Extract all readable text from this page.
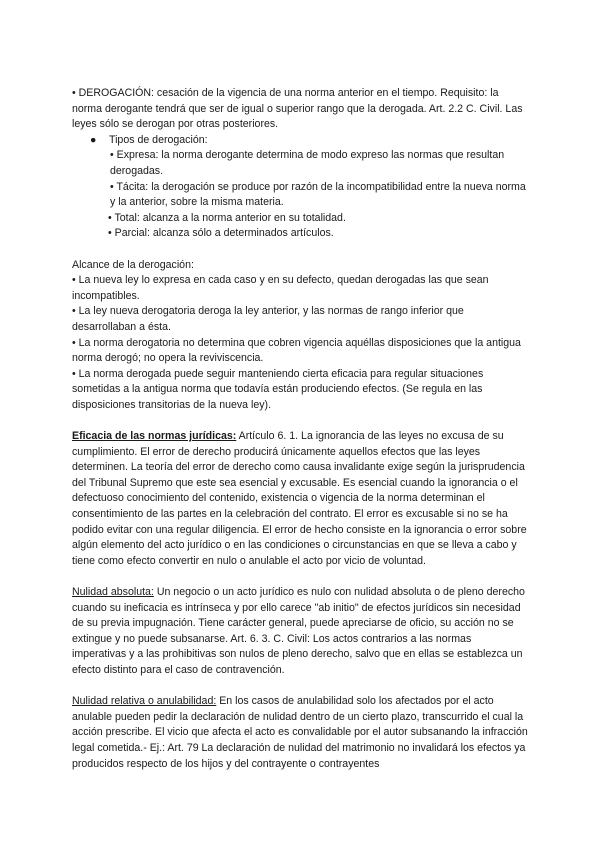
• DEROGACIÓN: cesación de la vigencia de una norma anterior en el tiempo. Requisito: la norma derogante tendrá que ser de igual o superior rango que la derogada. Art. 2.2 C. Civil. Las leyes sólo se derogan por otras posteriores.

● Tipos de derogación:

• Expresa: la norma derogante determina de modo expreso las normas que resultan derogadas.

• Tácita: la derogación se produce por razón de la incompatibilidad entre la nueva norma y la anterior, sobre la misma materia.

• Total: alcanza a la norma anterior en su totalidad.

• Parcial: alcanza sólo a determinados artículos.

Alcance de la derogación:

• La nueva ley lo expresa en cada caso y en su defecto, quedan derogadas las que sean incompatibles.

• La ley nueva derogatoria deroga la ley anterior, y las normas de rango inferior que desarrollaban a ésta.

• La norma derogatoria no determina que cobren vigencia aquéllas disposiciones que la antigua norma derogó; no opera la reviviscencia.

• La norma derogada puede seguir manteniendo cierta eficacia para regular situaciones sometidas a la antigua norma que todavía están produciendo efectos. (Se regula en las disposiciones transitorias de la nueva ley).

Eficacia de las normas jurídicas: Artículo 6. 1. La ignorancia de las leyes no excusa de su cumplimiento. El error de derecho producirá únicamente aquellos efectos que las leyes determinen. La teoría del error de derecho como causa invalidante exige según la jurisprudencia del Tribunal Supremo que este sea esencial y excusable. Es esencial cuando la ignorancia o el defectuoso conocimiento del contenido, existencia o vigencia de la norma determinan el consentimiento de las partes en la celebración del contrato. El error es excusable si no se ha podido evitar con una regular diligencia. El error de hecho consiste en la ignorancia o error sobre algún elemento del acto jurídico o en las condiciones o circunstancias en que se lleva a cabo y tiene como efecto convertir en nulo o anulable el acto por vicio de voluntad.

Nulidad absoluta: Un negocio o un acto jurídico es nulo con nulidad absoluta o de pleno derecho cuando su ineficacia es intrínseca y por ello carece "ab initio" de efectos jurídicos sin necesidad de su previa impugnación. Tiene carácter general, puede apreciarse de oficio, su acción no se extingue y no puede subsanarse. Art. 6. 3. C. Civil: Los actos contrarios a las normas imperativas y a las prohibitivas son nulos de pleno derecho, salvo que en ellas se establezca un efecto distinto para el caso de contravención.

Nulidad relativa o anulabilidad: En los casos de anulabilidad solo los afectados por el acto anulable pueden pedir la declaración de nulidad dentro de un cierto plazo, transcurrido el cual la acción prescribe. El vicio que afecta el acto es convalidable por el autor subsanando la infracción legal cometida.- Ej.: Art. 79 La declaración de nulidad del matrimonio no invalidará los efectos ya producidos respecto de los hijos y del contrayente o contrayentes
